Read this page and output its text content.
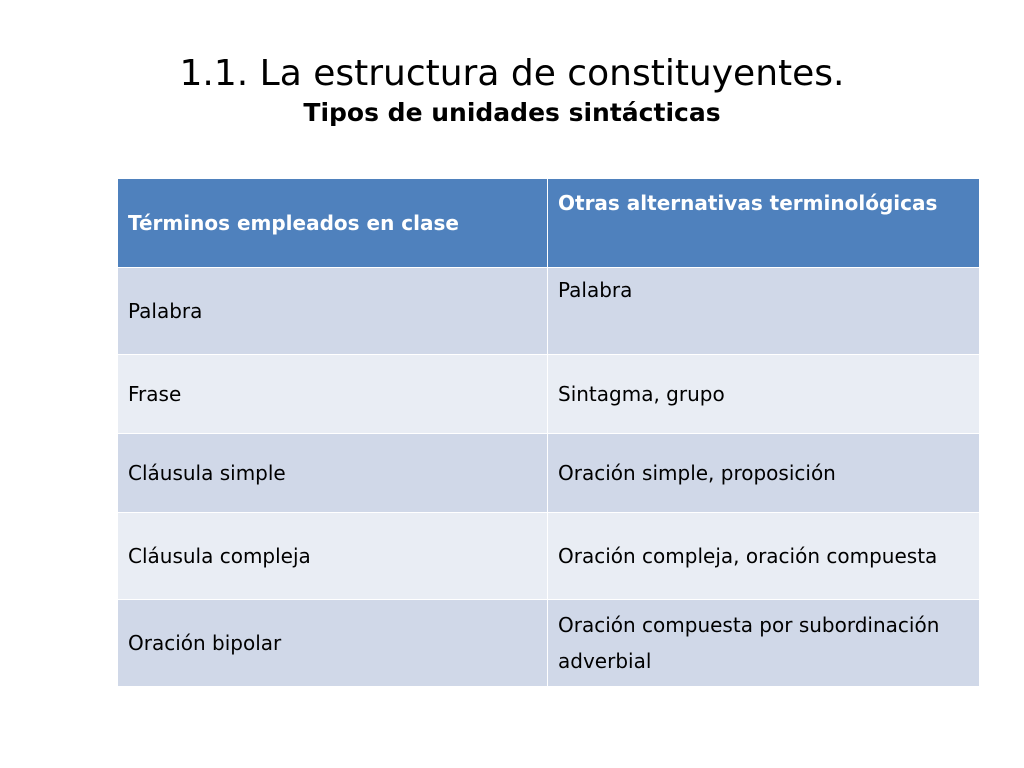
1.1. La estructura de constituyentes.
Tipos de unidades sintácticas
Términos empleados en clase	Otras alternativas terminológicas
Palabra	Palabra
Frase	Sintagma, grupo
Cláusula simple	Oración simple, proposición
Cláusula compleja	Oración compleja, oración compuesta
Oración bipolar	Oración compuesta por subordinación adverbial
